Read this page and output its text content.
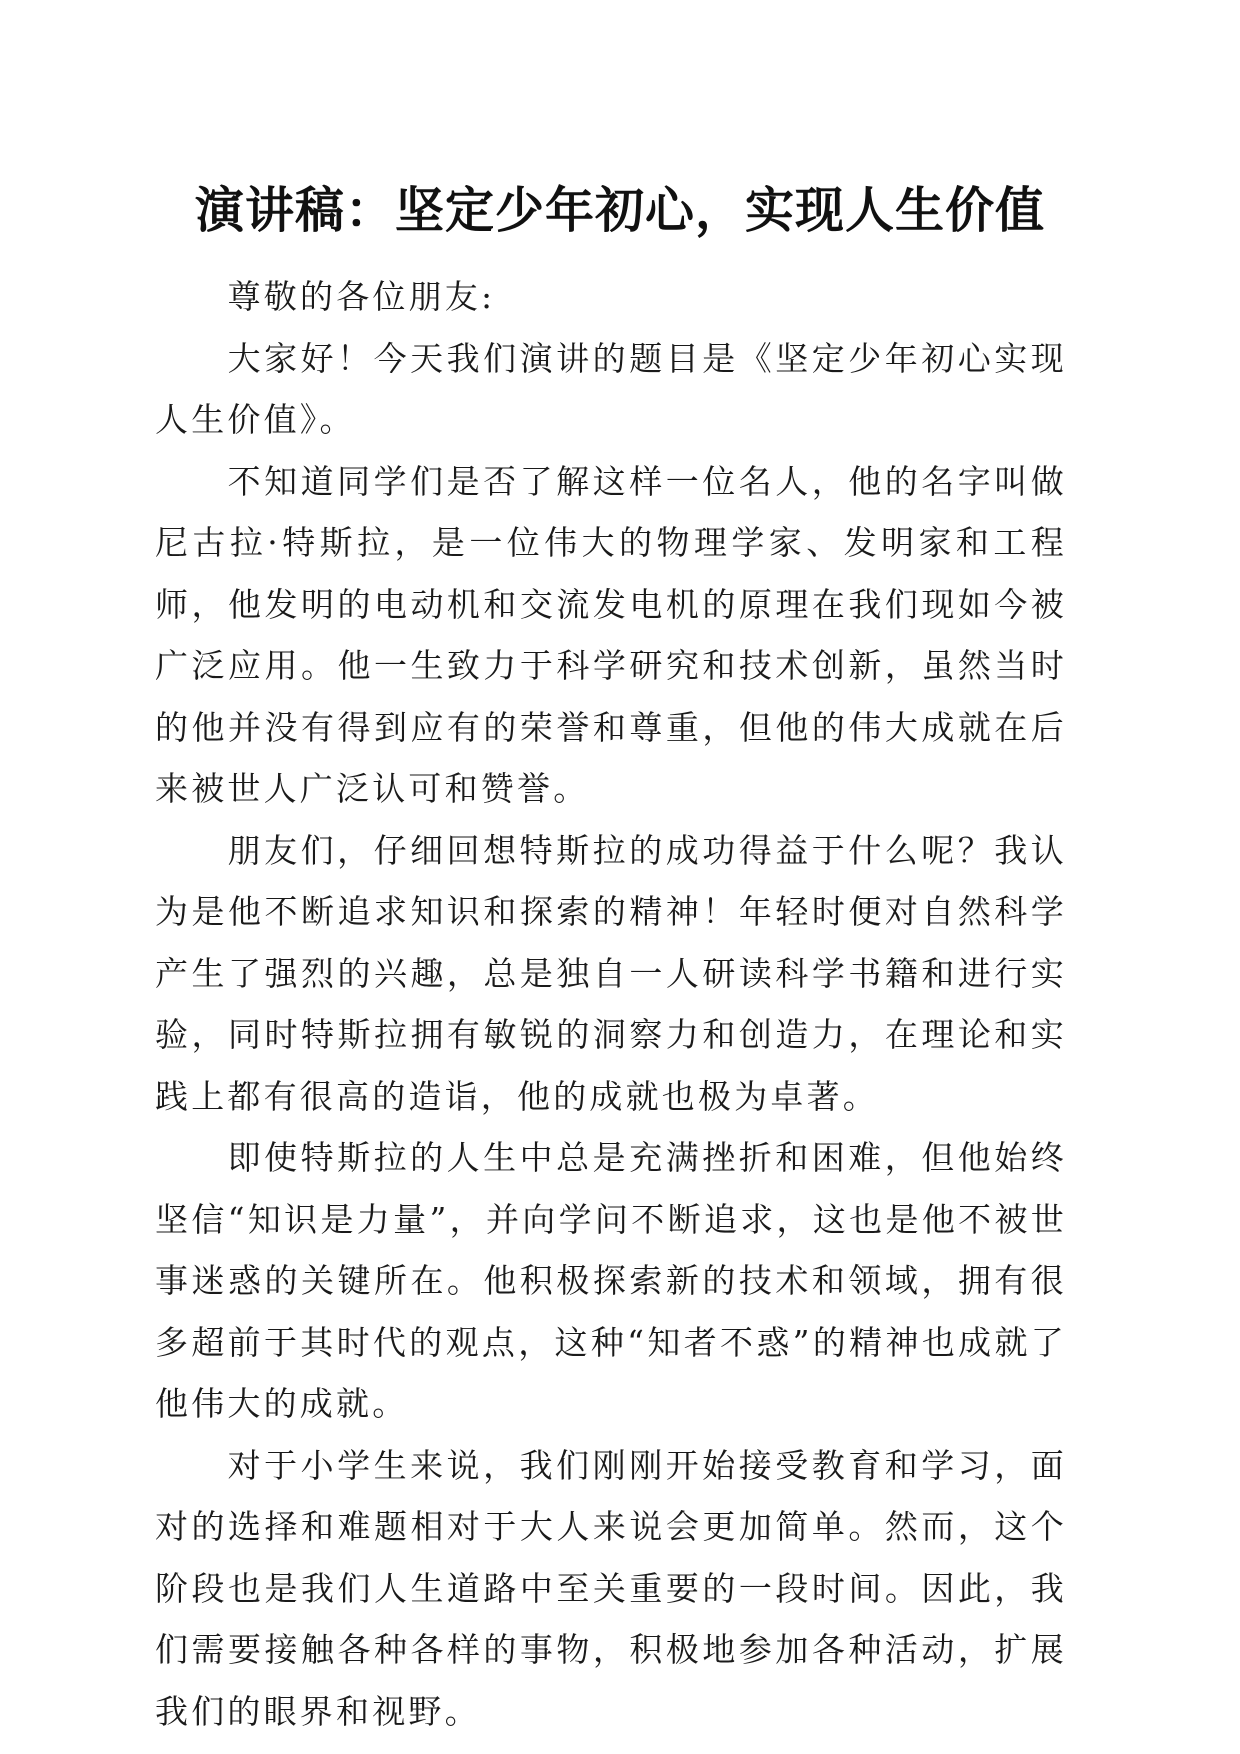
演讲稿：坚定少年初心，实现人生价值

尊敬的各位朋友:

大家好！今天我们演讲的题目是《坚定少年初心实现人生价值》。

不知道同学们是否了解这样一位名人，他的名字叫做尼古拉·特斯拉，是一位伟大的物理学家、发明家和工程师，他发明的电动机和交流发电机的原理在我们现如今被广泛应用。他一生致力于科学研究和技术创新，虽然当时的他并没有得到应有的荣誉和尊重，但他的伟大成就在后来被世人广泛认可和赞誉。

朋友们，仔细回想特斯拉的成功得益于什么呢？我认为是他不断追求知识和探索的精神！年轻时便对自然科学产生了强烈的兴趣，总是独自一人研读科学书籍和进行实验，同时特斯拉拥有敏锐的洞察力和创造力，在理论和实践上都有很高的造诣，他的成就也极为卓著。

即使特斯拉的人生中总是充满挫折和困难，但他始终坚信“知识是力量”，并向学问不断追求，这也是他不被世事迷惑的关键所在。他积极探索新的技术和领域，拥有很多超前于其时代的观点，这种“知者不惑”的精神也成就了他伟大的成就。

对于小学生来说，我们刚刚开始接受教育和学习，面对的选择和难题相对于大人来说会更加简单。然而，这个阶段也是我们人生道路中至关重要的一段时间。因此，我们需要接触各种各样的事物，积极地参加各种活动，扩展我们的眼界和视野。
